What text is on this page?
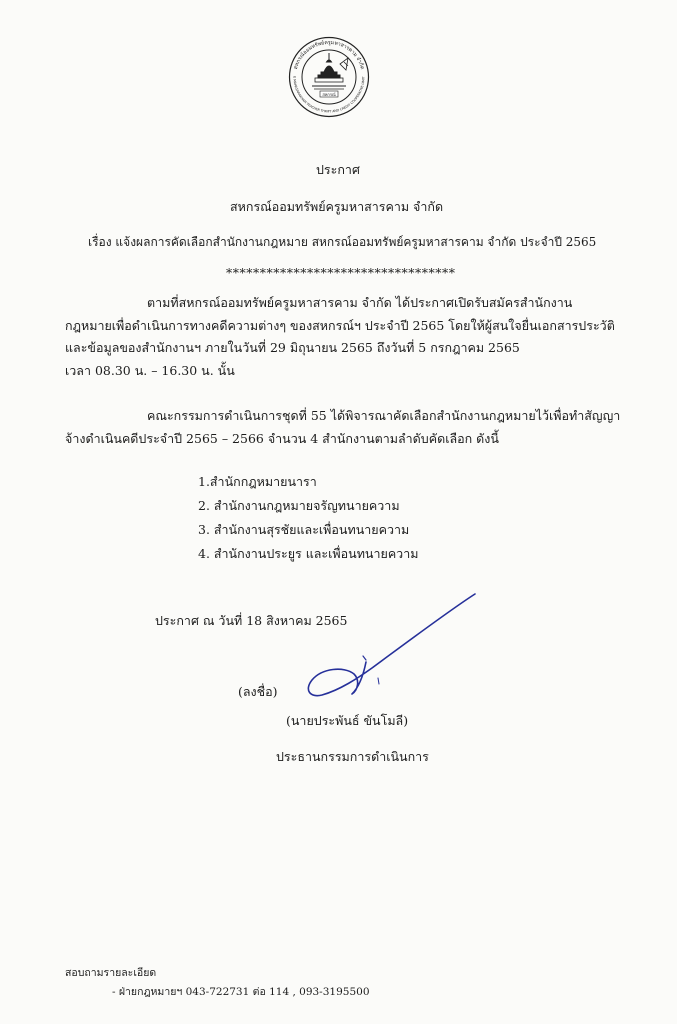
สหกรณ์ออมทรัพย์ครูมหาสารคาม จำกัด
E MAHASARAKHAM TEACHER THRIFT AND CREDIT COOPERATIVE LIMIT
สหกรณ์
ประกาศ
สหกรณ์ออมทรัพย์ครูมหาสารคาม จำกัด
เรื่อง แจ้งผลการคัดเลือกสำนักงานกฎหมาย สหกรณ์ออมทรัพย์ครูมหาสารคาม จำกัด ประจำปี 2565
**********************************
ตามที่สหกรณ์ออมทรัพย์ครูมหาสารคาม จำกัด ได้ประกาศเปิดรับสมัครสำนักงาน
กฎหมายเพื่อดำเนินการทางคดีความต่างๆ ของสหกรณ์ฯ ประจำปี 2565 โดยให้ผู้สนใจยื่นเอกสารประวัติ
และข้อมูลของสำนักงานฯ ภายในวันที่ 29 มิถุนายน 2565 ถึงวันที่ 5 กรกฎาคม 2565
เวลา 08.30 น. – 16.30 น. นั้น
คณะกรรมการดำเนินการชุดที่ 55 ได้พิจารณาคัดเลือกสำนักงานกฎหมายไว้เพื่อทำสัญญา
จ้างดำเนินคดีประจำปี 2565 – 2566 จำนวน 4 สำนักงานตามลำดับคัดเลือก ดังนี้
1.สำนักกฎหมายนารา
2. สำนักงานกฎหมายจรัญทนายความ
3. สำนักงานสุรชัยและเพื่อนทนายความ
4. สำนักงานประยูร และเพื่อนทนายความ
ประกาศ ณ วันที่ 18 สิงหาคม 2565
(ลงชื่อ)
(นายประพันธ์ ขันโมลี)
ประธานกรรมการดำเนินการ
สอบถามรายละเอียด
- ฝ่ายกฎหมายฯ 043-722731 ต่อ 114 , 093-3195500
